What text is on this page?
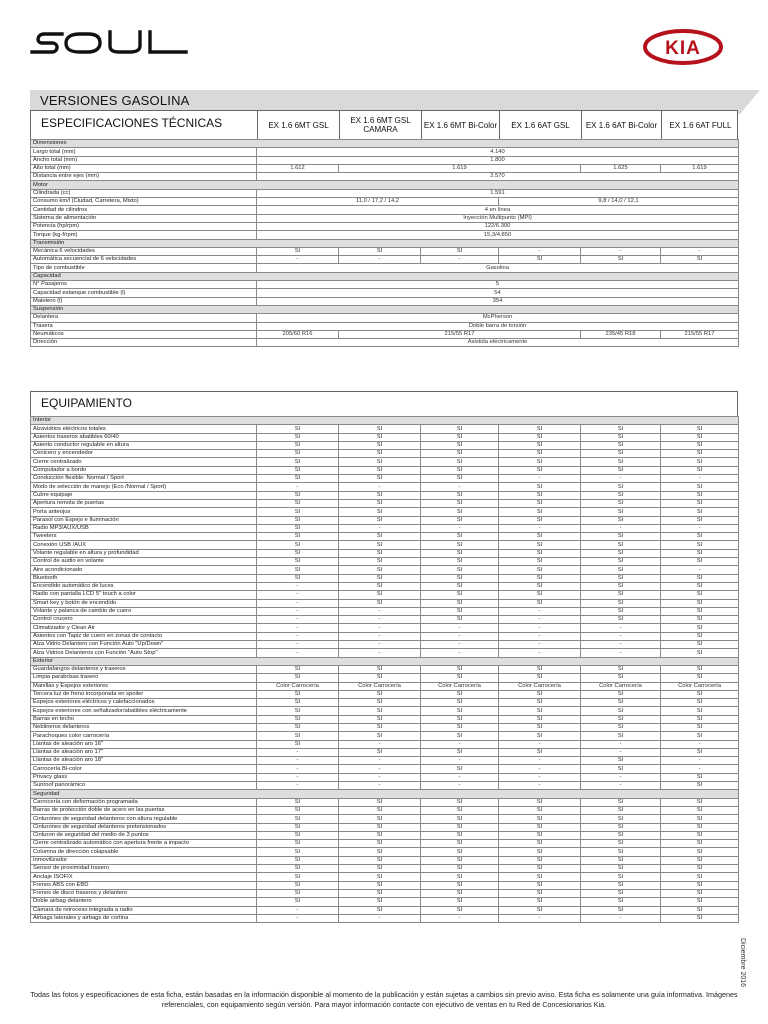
KIA
VERSIONES GASOLINA
ESPECIFICACIONES TÉCNICAS	EX 1.6 6MT GSL	EX 1.6 6MT GSL CAMARA	EX 1.6 6MT Bi-Color	EX 1.6 6AT GSL	EX 1.6 6AT Bi-Color	EX 1.6 6AT FULL
Dimensiones						
Largo total (mm)	4.140					
Ancho total (mm)	1.800					
Alto total (mm)	1.612	1.619			1.625	1.619
Distancia entre ejes (mm)	2.570					
Motor						
Cilindrada (cc)	1.591					
Consumo km/l (Ciudad, Carretera, Mixto)	11,0 / 17,2 / 14,2			9,8 / 14,0 / 12,1		
Cantidad de cilindros	4 en línea					
Sistema de alimentación	Inyección Multipunto (MPI)					
Potencia (hp/rpm)	122/6.300					
Torque (kg-f/rpm)	15,3/4.850					
Transmisión						
Mecánica 6 velocidades	SI	SI	SI	-	-	-
Automática secuencial de 6 velocidades	-	-	-	SI	SI	SI
Tipo de combustible	Gasolina					
Capacidad						
N° Pasajeros	5					
Capacidad estanque combustible (l)	54					
Maletero (l)	354					
Suspensión						
Delantera	McPherson					
Trasera	Doble barra de torsión					
Neumáticos	205/60 R16	215/55 R17			235/45 R18	215/55 R17
Dirección	Asistida eléctricamente					
EQUIPAMIENTO
Interior						
Alzavidrios eléctricos totales	SI	SI	SI	SI	SI	SI
Asientos traseros abatibles 60/40	SI	SI	SI	SI	SI	SI
Asiento conductor regulable en altura	SI	SI	SI	SI	SI	SI
Cenicero y encendedor	SI	SI	SI	SI	SI	SI
Cierre centralizado	SI	SI	SI	SI	SI	SI
Computador a bordo	SI	SI	SI	SI	SI	SI
Conducción flexible: Normal / Sport	SI	SI	SI	-	-	-
Modo de selección de manejo (Eco /Normal / Sport)	-	-	-	SI	SI	SI
Cubre equipaje	SI	SI	SI	SI	SI	SI
Apertura remota de puertas	SI	SI	SI	SI	SI	SI
Porta anteojos	SI	SI	SI	SI	SI	SI
Parasol con Espejo e Iluminación	SI	SI	SI	SI	SI	SI
Radio MP3/AUX/USB	SI	-	-	-	-	-
Tweeters	SI	SI	SI	SI	SI	SI
Conexión USB /AUX	SI	SI	SI	SI	SI	SI
Volante regulable en altura y profundidad	SI	SI	SI	SI	SI	SI
Control de audio en volante	SI	SI	SI	SI	SI	SI
Aire acondicionado	SI	SI	SI	SI	SI	-
Bluetooth	SI	SI	SI	SI	SI	SI
Encendido automático de luces	-	SI	SI	SI	SI	SI
Radio con pantalla LCD 5" touch a color	-	SI	SI	SI	SI	SI
Smart key y botón de encendido	-	SI	SI	SI	SI	SI
Volante y palanca de cambio de cuero	-	-	SI	-	SI	SI
Control crucero	-	-	SI	-	SI	SI
Climatizador y Clean Air	-	-	-	-	-	SI
Asientos con Tapiz de cuero en zonas de contacto	-	-	-	-	-	SI
Alza Vidrio Delantero con Función Auto "Up/Down"	-	-	-	-	-	SI
Alza Vidrios Delanteros con Función "Auto Stop"	-	-	-	-	-	SI
Exterior						
Guardafangos delanteros y traseros	SI	SI	SI	SI	SI	SI
Limpia parabrisas trasero	SI	SI	SI	SI	SI	SI
Manillas y Espejos exteriores	Color Carrocería	Color Carrocería	Color Carrocería	Color Carrocería	Color Carrocería	Color Carrocería
Tercera luz de freno incorporada en spoiler	SI	SI	SI	SI	SI	SI
Espejos exteriores eléctricos y calefaccionados	SI	SI	SI	SI	SI	SI
Espejos exteriores con señalizador/abatibles eléctricamente	SI	SI	SI	SI	SI	SI
Barras en techo	SI	SI	SI	SI	SI	SI
Neblineros delanteros	SI	SI	SI	SI	SI	SI
Parachoques color carrocería	SI	SI	SI	SI	SI	SI
Llantas de aleación aro 16"	SI	-	-	-	-	-
Llantas de aleación aro 17"	-	SI	SI	SI	-	SI
Llantas de aleación aro 18"	-	-	-	-	SI	-
Carrocería Bi-color	-	-	SI	-	SI	-
Privacy glass	-	-	-	-	-	SI
Sunroof panorámico	-	-	-	-	-	SI
Seguridad						
Carrocería con deformación programada	SI	SI	SI	SI	SI	SI
Barras de protección doble de acero en las puertas	SI	SI	SI	SI	SI	SI
Cinturones de seguridad delanteros con altura regulable	SI	SI	SI	SI	SI	SI
Cinturones de seguridad delanteros pretensionados	SI	SI	SI	SI	SI	SI
Cinturon de seguridad del medio de 3 puntos	SI	SI	SI	SI	SI	SI
Cierre centralizado automático con apertura frente a impacto	SI	SI	SI	SI	SI	SI
Columna de dirección colapsable	SI	SI	SI	SI	SI	SI
Inmovilizador	SI	SI	SI	SI	SI	SI
Sensor de proximidad trasero	SI	SI	SI	SI	SI	SI
Anclaje ISOFIX	SI	SI	SI	SI	SI	SI
Frenos ABS con EBD	SI	SI	SI	SI	SI	SI
Frenos de disco traseros y delantero	SI	SI	SI	SI	SI	SI
Doble airbag delantero	SI	SI	SI	SI	SI	SI
Cámara de retroceso integrada a radio	-	SI	SI	SI	SI	SI
Airbags laterales y airbags de cortina	-	-	-	-	-	SI
Diciembre 2016
Todas las fotos y especificaciones de esta ficha, están basadas en la información disponible al momento de la publicación y están sujetas a cambios sin previo aviso. Esta ficha es solamente una guía informativa. Imágenes referenciales, con equipamiento según versión. Para mayor información contacte con ejecutivo de ventas en tu Red de Concesionarios Kia.
